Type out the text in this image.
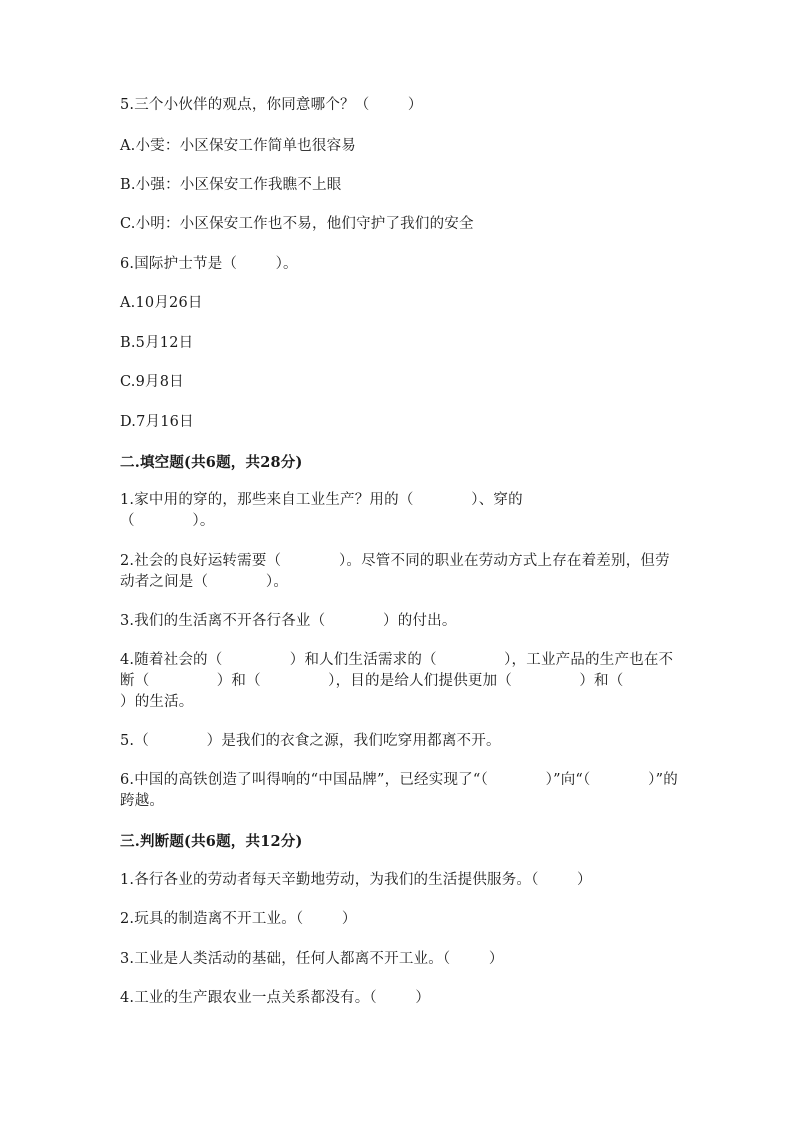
5.三个小伙伴的观点，你同意哪个？（        ）
A.小雯：小区保安工作简单也很容易
B.小强：小区保安工作我瞧不上眼
C.小明：小区保安工作也不易，他们守护了我们的安全
6.国际护士节是（        ）。
A.10月26日
B.5月12日
C.9月8日
D.7月16日
二.填空题(共6题，共28分)
1.家中用的穿的，那些来自工业生产？用的（            ）、穿的
（            ）。
2.社会的良好运转需要（            ）。尽管不同的职业在劳动方式上存在着差别，但劳动者之间是（            ）。
3.我们的生活离不开各行各业（            ）的付出。
4.随着社会的（              ）和人们生活需求的（              ），工业产品的生产也在不断（              ）和（              ），目的是给人们提供更加（              ）和（              ）的生活。
5.（            ）是我们的衣食之源，我们吃穿用都离不开。
6.中国的高铁创造了叫得响的“中国品牌”，已经实现了“（            ）”向“（            ）”的跨越。
三.判断题(共6题，共12分)
1.各行各业的劳动者每天辛勤地劳动，为我们的生活提供服务。（        ）
2.玩具的制造离不开工业。（        ）
3.工业是人类活动的基础，任何人都离不开工业。（        ）
4.工业的生产跟农业一点关系都没有。（        ）
